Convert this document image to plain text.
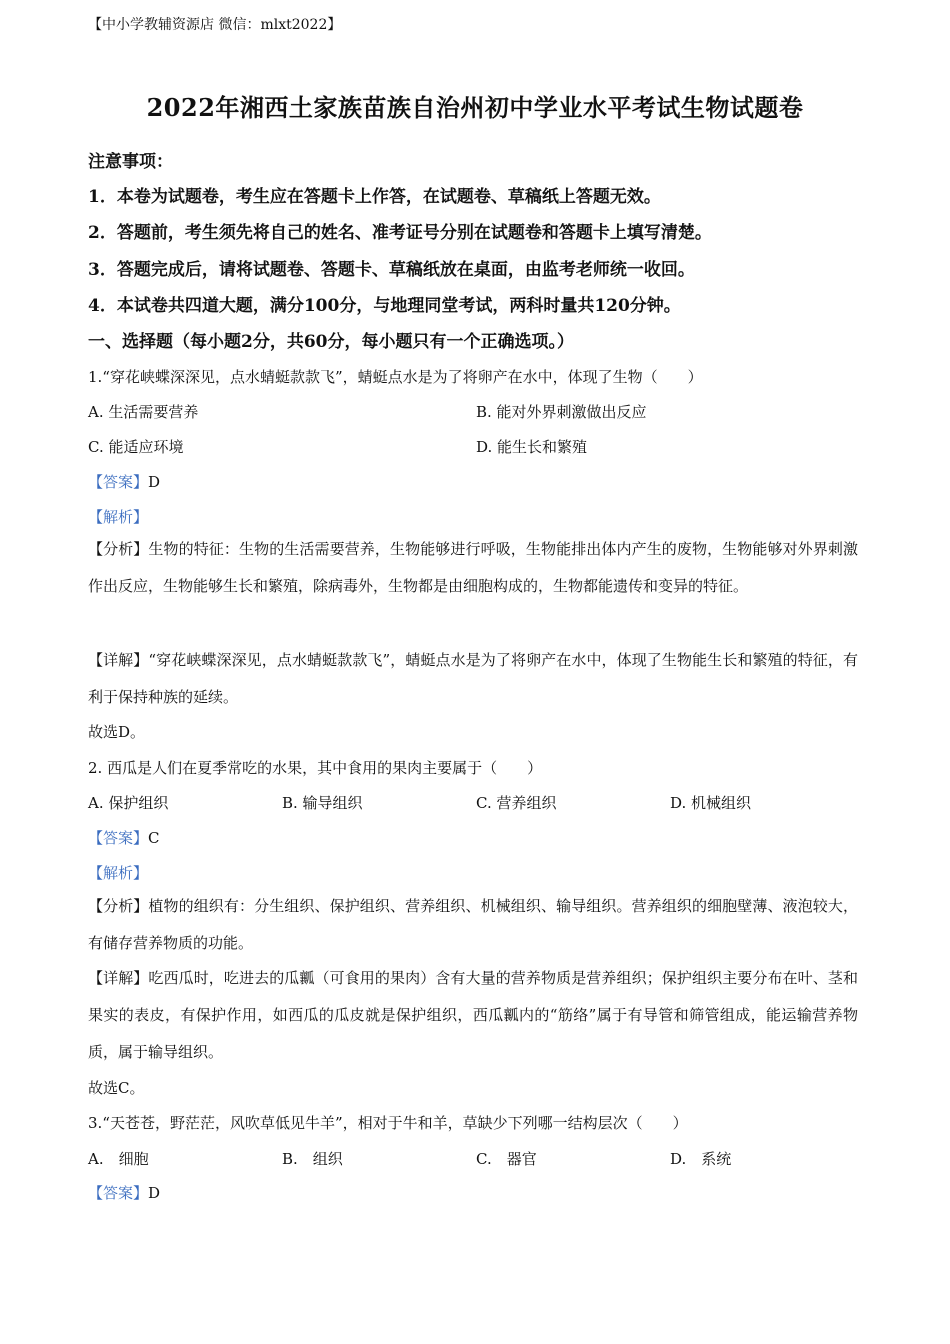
【中小学教辅资源店 微信：mlxt2022】
2022年湘西土家族苗族自治州初中学业水平考试生物试题卷
注意事项：
1．本卷为试题卷，考生应在答题卡上作答，在试题卷、草稿纸上答题无效。
2．答题前，考生须先将自己的姓名、准考证号分别在试题卷和答题卡上填写清楚。
3．答题完成后，请将试题卷、答题卡、草稿纸放在桌面，由监考老师统一收回。
4．本试卷共四道大题，满分100分，与地理同堂考试，两科时量共120分钟。
一、选择题（每小题2分，共60分，每小题只有一个正确选项。）
1.“穿花峡蝶深深见，点水蜻蜓款款飞”，蜻蜓点水是为了将卵产在水中，体现了生物（　　）
A. 生活需要营养	B. 能对外界刺激做出反应
C. 能适应环境	D. 能生长和繁殖
【答案】D
【解析】
【分析】生物的特征：生物的生活需要营养，生物能够进行呼吸，生物能排出体内产生的废物，生物能够对外界刺激作出反应，生物能够生长和繁殖，除病毒外，生物都是由细胞构成的，生物都能遗传和变异的特征。
【详解】“穿花峡蝶深深见，点水蜻蜓款款飞”，蜻蜓点水是为了将卵产在水中，体现了生物能生长和繁殖的特征，有利于保持种族的延续。
故选D。
2. 西瓜是人们在夏季常吃的水果，其中食用的果肉主要属于（　　）
A. 保护组织	B. 输导组织	C. 营养组织	D. 机械组织
【答案】C
【解析】
【分析】植物的组织有：分生组织、保护组织、营养组织、机械组织、输导组织。营养组织的细胞壁薄、液泡较大，有储存营养物质的功能。
【详解】吃西瓜时，吃进去的瓜瓤（可食用的果肉）含有大量的营养物质是营养组织；保护组织主要分布在叶、茎和果实的表皮，有保护作用，如西瓜的瓜皮就是保护组织，西瓜瓤内的“筋络”属于有导管和筛管组成，能运输营养物质，属于输导组织。
故选C。
3.“天苍苍，野茫茫，风吹草低见牛羊”，相对于牛和羊，草缺少下列哪一结构层次（　　）
A.　细胞	B.　组织	C.　器官	D.　系统
【答案】D
